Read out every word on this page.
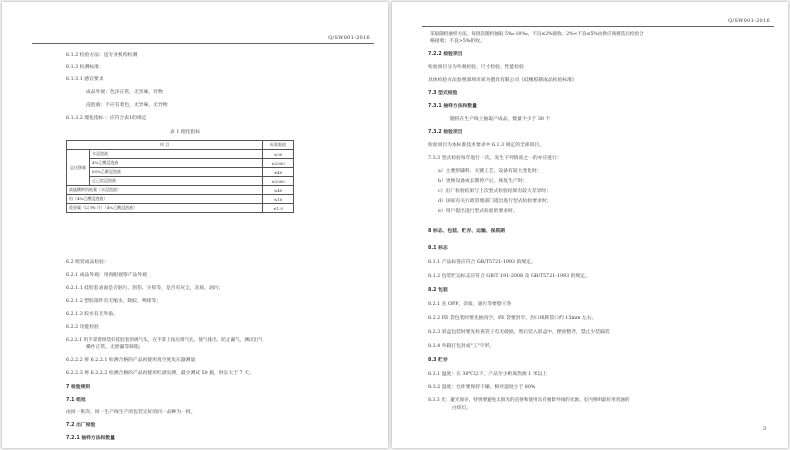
Q/SW001-2016
6.1.2 检验方法：送专业机构检测
6.1.3 检测标准：
6.1.3.1 感官要求
成品外观：色泽正常，无异味，异物
浸泡液：不应有着色，无异味、无异物
6.1.3.2 理化指标 ：应符合表1的规定
表 1 理化指标
项 目		标准限值
总迁移量	水浸泡液	≤30
	4%乙酸浸泡液	≤2000
	65%乙醇浸泡液	≤40
	正己烷浸泡液	≤2000
高锰酸钾消耗量（水浸泡液）		≤40
铅（4%乙酸浸泡液）		≤10
重金属（以 Pb 计）（4%乙酸浸泡液）		≤1.0
6.2 组装成品检验：
6.2.1 成品外观：用肉眼观察产品外观
6.2.1.1 硅胶套表面是否脏污、刮伤、少胶等，是否有灰尘，杂质，油污；
6.2.1.2 塑胶部件有无缩水，缺胶，啤烽等；
6.2.1.3 胶水有无外溢。
6.2.2 功能检验
6.2.2.1 用手拿着组装好硅胶套的吸气头，在手掌上按压排气孔，使气排出，防止漏气，测试出气
操作正常，无泄漏等缺陷；
6.2.2.2 将 6.2.2.1 检测合格的产品再使用真空度负压器测量
6.2.2.3 将 6.2.2.2 检测合格的产品再使用红酒实测，最少测试 50 瓶，时长大于 7 天。
7 检验规则
7.1 组批
由同一班次、同一生产线生产的包装完好的同一品种为一批。
7.2 出厂检验
7.2.1 抽样方法和数量
Q/SW001-2016
采取随机抽样方法，每批次随机抽取 5‰-10‰，不良≤2%接收；2%<不良≤5%由供应商挑选后检验合
格接收；不良>5%拒收。
7.2.2 检验项目
检验项目分为外观检验，尺寸检验，性能检验
具体检验方法参照深圳市尚为德具有限公司《硅橡胶制成品检验标准》
7.3 型式检验
7.3.1 抽样方法和数量
随机在生产线上抽取产成品，数量不少于 30 个
7.3.2 检验项目
检验项目为本标准技术要求中 6.1.3 规定的全部项目。
7.3.3 型式检验每年进行一次，发生下列情况之一的亦应进行：
a）主要原辅料、关键工艺、设备有较大变化时；
b）更换设备或长期停产后，恢复生产时；
c）出厂检验结果与上次型式检验结果有较大差异时；
d）国家有关行政管理部门提出进行型式检验要求时；
e）用户提出进行型式检验的要求时。
8 标志、包装、贮存、运输、保质期
8.1 标志
8.1.1 产品标签应符合 GB/T5721-1993 的规定。
8.1.2 包装贮运标志应符合 GB/T 191-2008 及 GB/T5721-1993 的规定。
8.2 包装
8.2.1 先 OPP，杂质，油污等要擦干净
8.2.2 PE 袋包装时要先抽真空，PE 袋要封牢，封口线距袋口约 15mm 左右。
8.2.3 彩盒包装时要先检查袋子有无破损，然后装入彩盒中，摆放整齐，禁止少装漏装
8.2.4 外箱打包封成"工"字形。
8.3 贮存
8.3.1 温度：在 30℃以下，产品至少距离热源 1 米以上
8.3.2 湿度：仓库要保持干燥，相对湿度小于 80%
8.3.3 光：避光保存，特别要避免太阳光的直射和使用具有强紫外线的光源。室内照明最好用普通的
白炽灯。
3
